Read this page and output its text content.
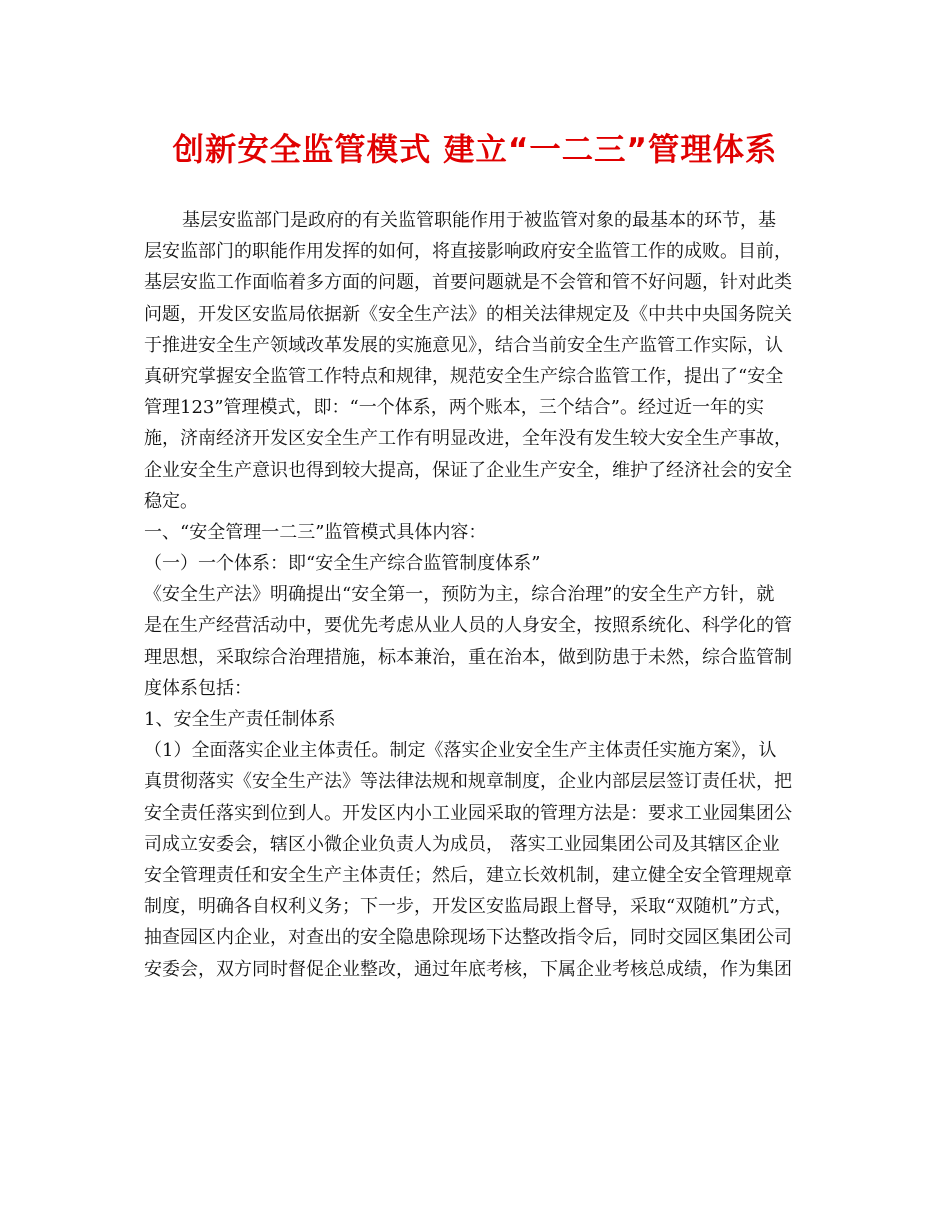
创新安全监管模式 建立“一二三”管理体系
基层安监部门是政府的有关监管职能作用于被监管对象的最基本的环节，基
层安监部门的职能作用发挥的如何，将直接影响政府安全监管工作的成败。目前，
基层安监工作面临着多方面的问题，首要问题就是不会管和管不好问题，针对此类
问题，开发区安监局依据新《安全生产法》的相关法律规定及《中共中央国务院关
于推进安全生产领域改革发展的实施意见》，结合当前安全生产监管工作实际，认
真研究掌握安全监管工作特点和规律，规范安全生产综合监管工作，提出了“安全
管理123”管理模式，即：“一个体系，两个账本，三个结合”。经过近一年的实
施，济南经济开发区安全生产工作有明显改进，全年没有发生较大安全生产事故，
企业安全生产意识也得到较大提高，保证了企业生产安全，维护了经济社会的安全
稳定。
一、“安全管理一二三”监管模式具体内容：
（一）一个体系：即“安全生产综合监管制度体系”
《安全生产法》明确提出“安全第一，预防为主，综合治理”的安全生产方针，就
是在生产经营活动中，要优先考虑从业人员的人身安全，按照系统化、科学化的管
理思想，采取综合治理措施，标本兼治，重在治本，做到防患于未然，综合监管制
度体系包括：
1、安全生产责任制体系
（1）全面落实企业主体责任。制定《落实企业安全生产主体责任实施方案》，认
真贯彻落实《安全生产法》等法律法规和规章制度，企业内部层层签订责任状，把
安全责任落实到位到人。开发区内小工业园采取的管理方法是：要求工业园集团公
司成立安委会，辖区小微企业负责人为成员， 落实工业园集团公司及其辖区企业
安全管理责任和安全生产主体责任；然后，建立长效机制，建立健全安全管理规章
制度，明确各自权利义务；下一步，开发区安监局跟上督导，采取“双随机”方式，
抽查园区内企业，对查出的安全隐患除现场下达整改指令后，同时交园区集团公司
安委会，双方同时督促企业整改，通过年底考核，下属企业考核总成绩，作为集团
